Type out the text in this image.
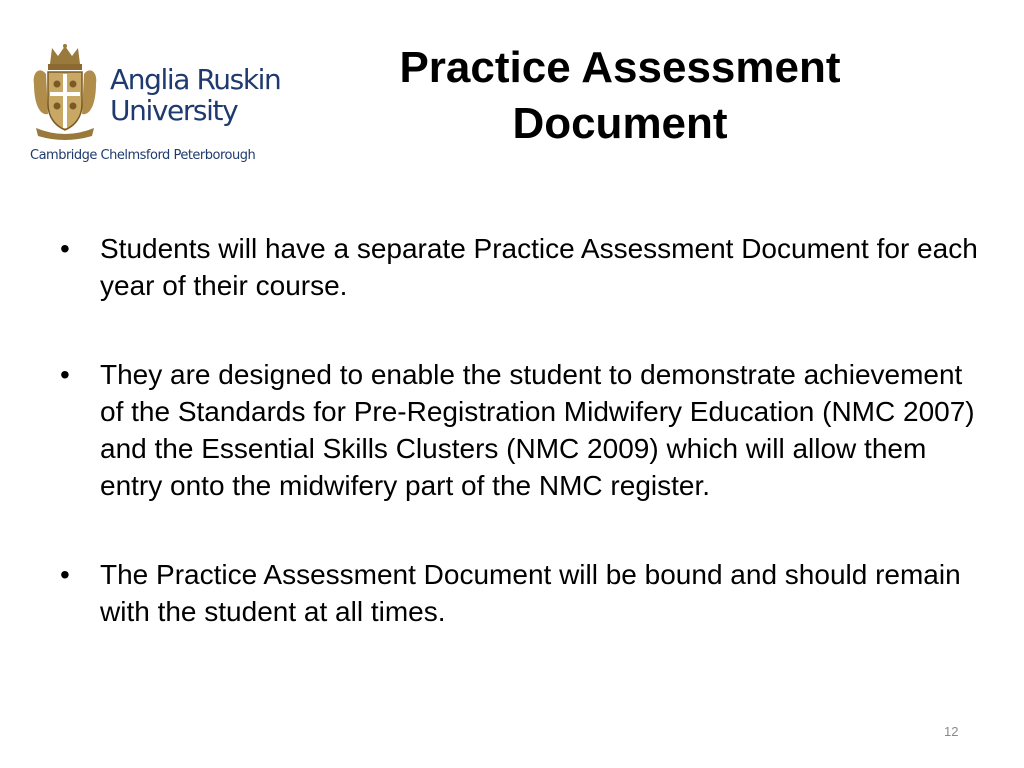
Anglia Ruskin
University
Cambridge Chelmsford Peterborough
Practice Assessment
Document
• Students will have a separate Practice Assessment Document for each year of their course.
• They are designed to enable the student to demonstrate achievement of the Standards for Pre-Registration Midwifery Education (NMC 2007) and the Essential Skills Clusters (NMC 2009) which will allow them entry onto the midwifery part of the NMC register.
• The Practice Assessment Document will be bound and should remain with the student at all times.
12
